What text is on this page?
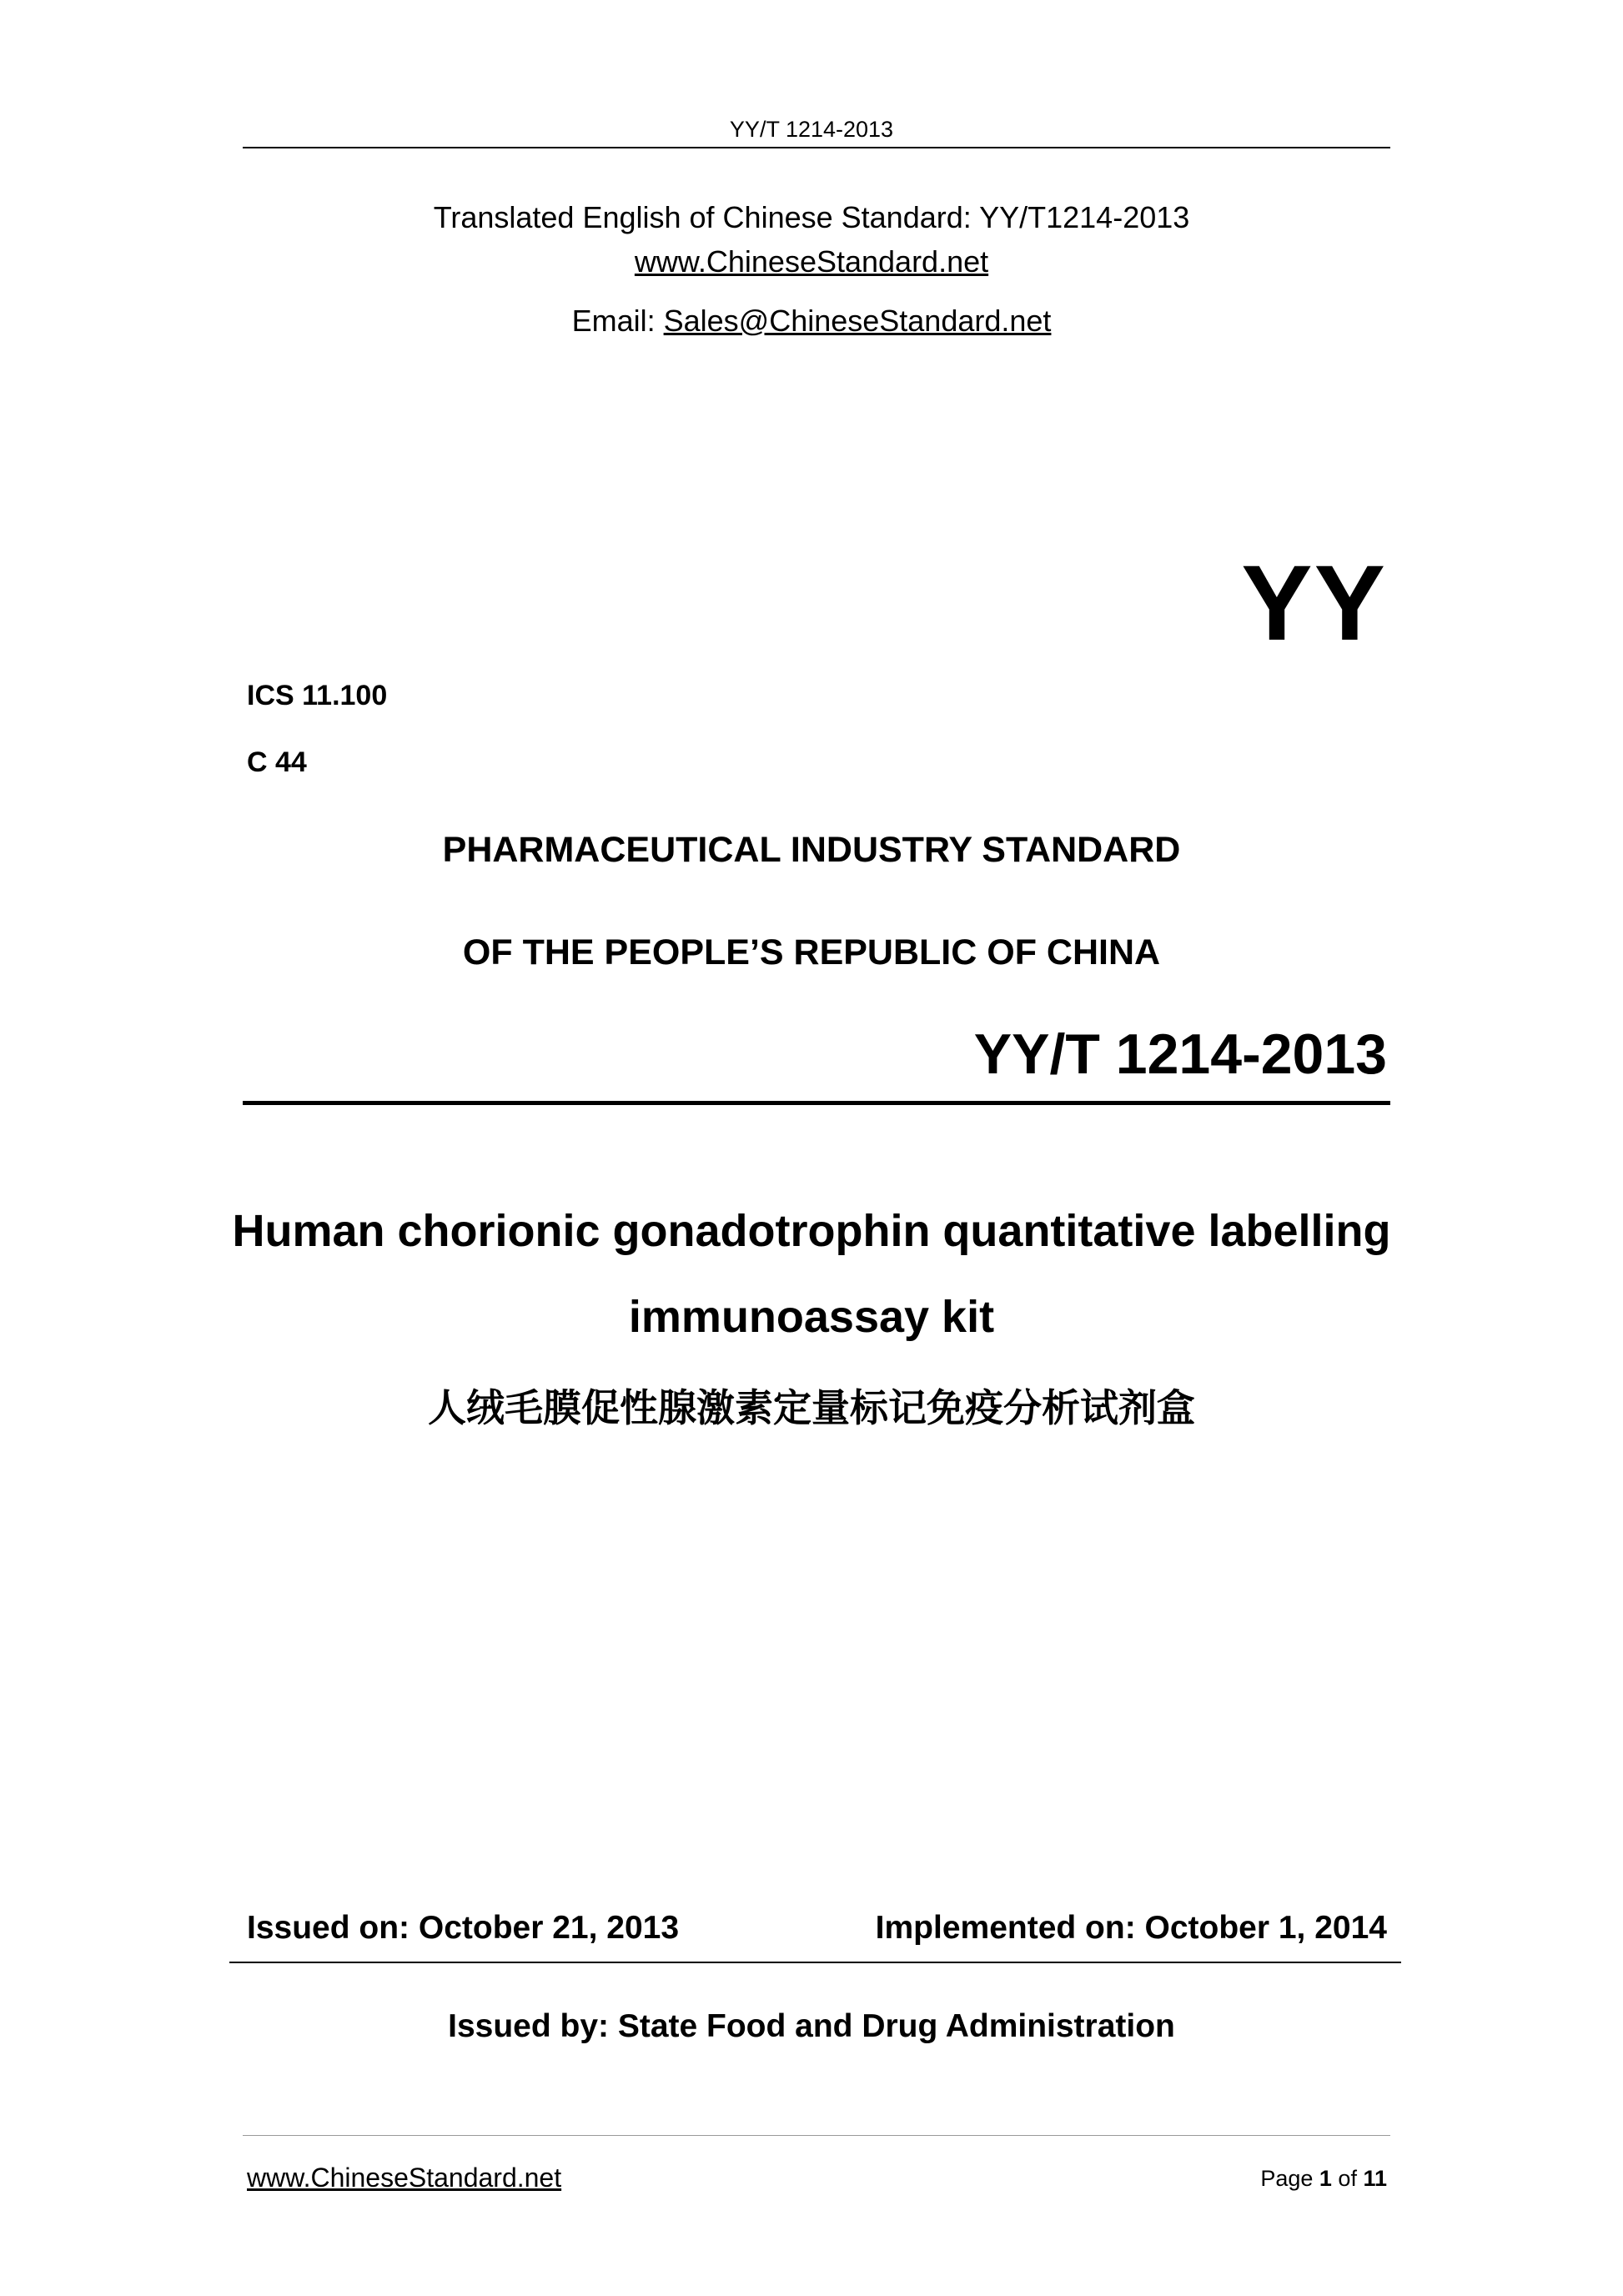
YY/T 1214-2013
Translated English of Chinese Standard: YY/T1214-2013
www.ChineseStandard.net
Email: Sales@ChineseStandard.net
YY
ICS 11.100
C 44
PHARMACEUTICAL INDUSTRY STANDARD
OF THE PEOPLE’S REPUBLIC OF CHINA
YY/T 1214-2013
Human chorionic gonadotrophin quantitative labelling
immunoassay kit
人绒毛膜促性腺激素定量标记免疫分析试剂盒
Issued on: October 21, 2013	Implemented on: October 1, 2014
Issued by: State Food and Drug Administration
www.ChineseStandard.net	Page 1 of 11
